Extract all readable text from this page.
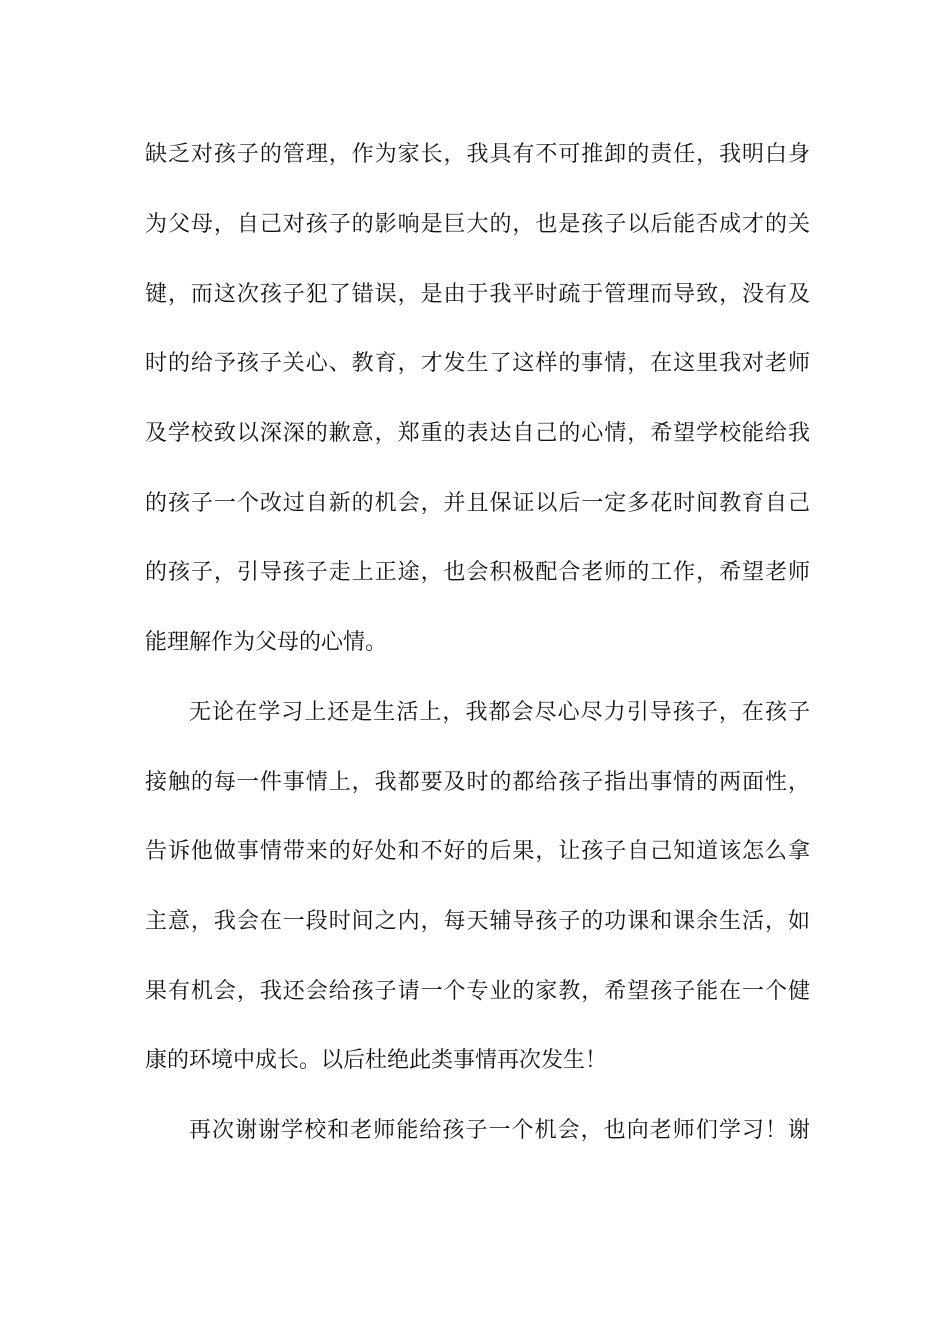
缺乏对孩子的管理，作为家长，我具有不可推卸的责任，我明白身
为父母，自己对孩子的影响是巨大的，也是孩子以后能否成才的关
键，而这次孩子犯了错误，是由于我平时疏于管理而导致，没有及
时的给予孩子关心、教育，才发生了这样的事情，在这里我对老师
及学校致以深深的歉意，郑重的表达自己的心情，希望学校能给我
的孩子一个改过自新的机会，并且保证以后一定多花时间教育自己
的孩子，引导孩子走上正途，也会积极配合老师的工作，希望老师
能理解作为父母的心情。
无论在学习上还是生活上，我都会尽心尽力引导孩子，在孩子
接触的每一件事情上，我都要及时的都给孩子指出事情的两面性，
告诉他做事情带来的好处和不好的后果，让孩子自己知道该怎么拿
主意，我会在一段时间之内，每天辅导孩子的功课和课余生活，如
果有机会，我还会给孩子请一个专业的家教，希望孩子能在一个健
康的环境中成长。以后杜绝此类事情再次发生！
再次谢谢学校和老师能给孩子一个机会，也向老师们学习！谢
